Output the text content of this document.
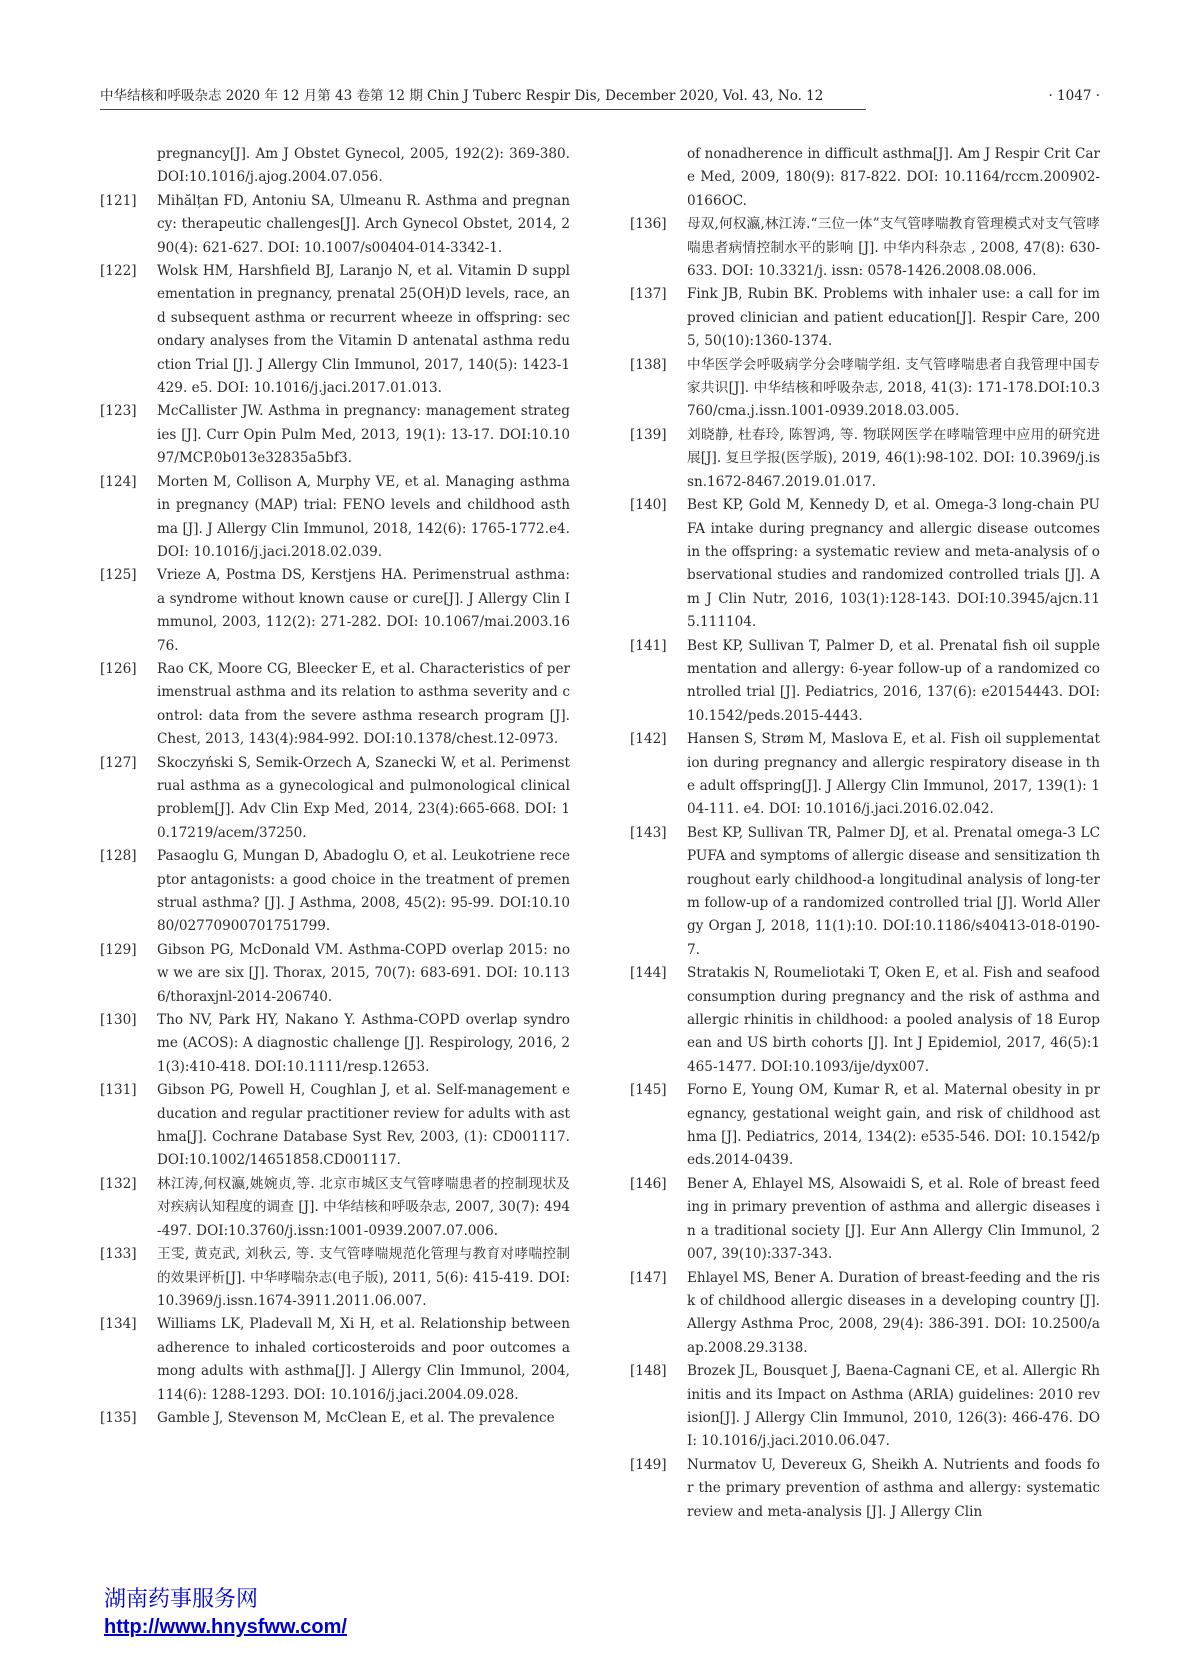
中华结核和呼吸杂志 2020 年 12 月第 43 卷第 12 期 Chin J Tuberc Respir Dis, December 2020, Vol. 43, No. 12	· 1047 ·
pregnancy[J]. Am J Obstet Gynecol, 2005, 192(2): 369-380. DOI:10.1016/j.ajog.2004.07.056.
[121]	Mihălțan FD, Antoniu SA, Ulmeanu R. Asthma and pregnancy: therapeutic challenges[J]. Arch Gynecol Obstet, 2014, 290(4): 621-627. DOI: 10.1007/s00404-014-3342-1.
[122]	Wolsk HM, Harshfield BJ, Laranjo N, et al. Vitamin D supplementation in pregnancy, prenatal 25(OH)D levels, race, and subsequent asthma or recurrent wheeze in offspring: secondary analyses from the Vitamin D antenatal asthma reduction Trial [J]. J Allergy Clin Immunol, 2017, 140(5): 1423-1429. e5. DOI: 10.1016/j.jaci.2017.01.013.
[123]	McCallister JW. Asthma in pregnancy: management strategies [J]. Curr Opin Pulm Med, 2013, 19(1): 13-17. DOI:10.1097/MCP.0b013e32835a5bf3.
[124]	Morten M, Collison A, Murphy VE, et al. Managing asthma in pregnancy (MAP) trial: FENO levels and childhood asthma [J]. J Allergy Clin Immunol, 2018, 142(6): 1765-1772.e4. DOI: 10.1016/j.jaci.2018.02.039.
[125]	Vrieze A, Postma DS, Kerstjens HA. Perimenstrual asthma: a syndrome without known cause or cure[J]. J Allergy Clin Immunol, 2003, 112(2): 271-282. DOI: 10.1067/mai.2003.1676.
[126]	Rao CK, Moore CG, Bleecker E, et al. Characteristics of perimenstrual asthma and its relation to asthma severity and control: data from the severe asthma research program [J]. Chest, 2013, 143(4):984-992. DOI:10.1378/chest.12-0973.
[127]	Skoczyński S, Semik-Orzech A, Szanecki W, et al. Perimenstrual asthma as a gynecological and pulmonological clinical problem[J]. Adv Clin Exp Med, 2014, 23(4):665-668. DOI: 10.17219/acem/37250.
[128]	Pasaoglu G, Mungan D, Abadoglu O, et al. Leukotriene receptor antagonists: a good choice in the treatment of premenstrual asthma? [J]. J Asthma, 2008, 45(2): 95-99. DOI:10.1080/02770900701751799.
[129]	Gibson PG, McDonald VM. Asthma-COPD overlap 2015: now we are six [J]. Thorax, 2015, 70(7): 683-691. DOI: 10.1136/thoraxjnl-2014-206740.
[130]	Tho NV, Park HY, Nakano Y. Asthma-COPD overlap syndrome (ACOS): A diagnostic challenge [J]. Respirology, 2016, 21(3):410-418. DOI:10.1111/resp.12653.
[131]	Gibson PG, Powell H, Coughlan J, et al. Self-management education and regular practitioner review for adults with asthma[J]. Cochrane Database Syst Rev, 2003, (1): CD001117. DOI:10.1002/14651858.CD001117.
[132]	林江涛,何权瀛,姚婉贞,等. 北京市城区支气管哮喘患者的控制现状及对疾病认知程度的调查 [J]. 中华结核和呼吸杂志, 2007, 30(7): 494-497. DOI:10.3760/j.issn:1001-0939.2007.07.006.
[133]	王雯, 黄克武, 刘秋云, 等. 支气管哮喘规范化管理与教育对哮喘控制的效果评析[J]. 中华哮喘杂志(电子版), 2011, 5(6): 415-419. DOI: 10.3969/j.issn.1674-3911.2011.06.007.
[134]	Williams LK, Pladevall M, Xi H, et al. Relationship between adherence to inhaled corticosteroids and poor outcomes among adults with asthma[J]. J Allergy Clin Immunol, 2004, 114(6): 1288-1293. DOI: 10.1016/j.jaci.2004.09.028.
[135]	Gamble J, Stevenson M, McClean E, et al. The prevalence
of nonadherence in difficult asthma[J]. Am J Respir Crit Care Med, 2009, 180(9): 817-822. DOI: 10.1164/rccm.200902-0166OC.
[136]	母双,何权瀛,林江涛.“三位一体”支气管哮喘教育管理模式对支气管哮喘患者病情控制水平的影响 [J]. 中华内科杂志 , 2008, 47(8): 630-633. DOI: 10.3321/j. issn: 0578-1426.2008.08.006.
[137]	Fink JB, Rubin BK. Problems with inhaler use: a call for improved clinician and patient education[J]. Respir Care, 2005, 50(10):1360-1374.
[138]	中华医学会呼吸病学分会哮喘学组. 支气管哮喘患者自我管理中国专家共识[J]. 中华结核和呼吸杂志, 2018, 41(3): 171-178.DOI:10.3760/cma.j.issn.1001-0939.2018.03.005.
[139]	刘晓静, 杜春玲, 陈智鸿, 等. 物联网医学在哮喘管理中应用的研究进展[J]. 复旦学报(医学版), 2019, 46(1):98-102. DOI: 10.3969/j.issn.1672-8467.2019.01.017.
[140]	Best KP, Gold M, Kennedy D, et al. Omega-3 long-chain PUFA intake during pregnancy and allergic disease outcomes in the offspring: a systematic review and meta-analysis of observational studies and randomized controlled trials [J]. Am J Clin Nutr, 2016, 103(1):128-143. DOI:10.3945/ajcn.115.111104.
[141]	Best KP, Sullivan T, Palmer D, et al. Prenatal fish oil supplementation and allergy: 6-year follow-up of a randomized controlled trial [J]. Pediatrics, 2016, 137(6): e20154443. DOI:10.1542/peds.2015-4443.
[142]	Hansen S, Strøm M, Maslova E, et al. Fish oil supplementation during pregnancy and allergic respiratory disease in the adult offspring[J]. J Allergy Clin Immunol, 2017, 139(1): 104-111. e4. DOI: 10.1016/j.jaci.2016.02.042.
[143]	Best KP, Sullivan TR, Palmer DJ, et al. Prenatal omega-3 LCPUFA and symptoms of allergic disease and sensitization throughout early childhood-a longitudinal analysis of long-term follow-up of a randomized controlled trial [J]. World Allergy Organ J, 2018, 11(1):10. DOI:10.1186/s40413-018-0190-7.
[144]	Stratakis N, Roumeliotaki T, Oken E, et al. Fish and seafood consumption during pregnancy and the risk of asthma and allergic rhinitis in childhood: a pooled analysis of 18 European and US birth cohorts [J]. Int J Epidemiol, 2017, 46(5):1465-1477. DOI:10.1093/ije/dyx007.
[145]	Forno E, Young OM, Kumar R, et al. Maternal obesity in pregnancy, gestational weight gain, and risk of childhood asthma [J]. Pediatrics, 2014, 134(2): e535-546. DOI: 10.1542/peds.2014-0439.
[146]	Bener A, Ehlayel MS, Alsowaidi S, et al. Role of breast feeding in primary prevention of asthma and allergic diseases in a traditional society [J]. Eur Ann Allergy Clin Immunol, 2007, 39(10):337-343.
[147]	Ehlayel MS, Bener A. Duration of breast-feeding and the risk of childhood allergic diseases in a developing country [J]. Allergy Asthma Proc, 2008, 29(4): 386-391. DOI: 10.2500/aap.2008.29.3138.
[148]	Brozek JL, Bousquet J, Baena-Cagnani CE, et al. Allergic Rhinitis and its Impact on Asthma (ARIA) guidelines: 2010 revision[J]. J Allergy Clin Immunol, 2010, 126(3): 466-476. DOI: 10.1016/j.jaci.2010.06.047.
[149]	Nurmatov U, Devereux G, Sheikh A. Nutrients and foods for the primary prevention of asthma and allergy: systematic review and meta-analysis [J]. J Allergy Clin
湖南药事服务网
http://www.hnysfww.com/
